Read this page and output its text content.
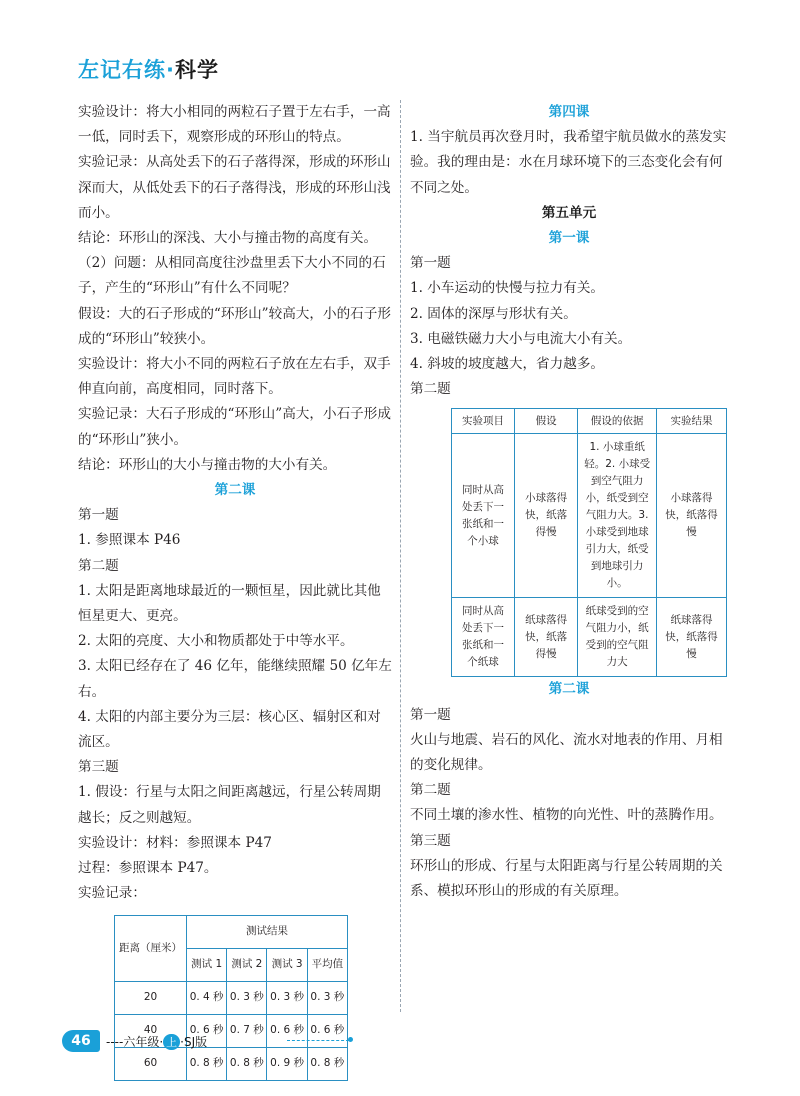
左记右练·科学

实验设计：将大小相同的两粒石子置于左右手，一高一低，同时丢下，观察形成的环形山的特点。

实验记录：从高处丢下的石子落得深，形成的环形山深而大，从低处丢下的石子落得浅，形成的环形山浅而小。

结论：环形山的深浅、大小与撞击物的高度有关。

（2）问题：从相同高度往沙盘里丢下大小不同的石子，产生的“环形山”有什么不同呢？

假设：大的石子形成的“环形山”较高大，小的石子形成的“环形山”较狭小。

实验设计：将大小不同的两粒石子放在左右手，双手伸直向前，高度相同，同时落下。

实验记录：大石子形成的“环形山”高大，小石子形成的“环形山”狭小。

结论：环形山的大小与撞击物的大小有关。

第二课

第一题

1. 参照课本 P46

第二题

1. 太阳是距离地球最近的一颗恒星，因此就比其他恒星更大、更亮。

2. 太阳的亮度、大小和物质都处于中等水平。

3. 太阳已经存在了 46 亿年，能继续照耀 50 亿年左右。

4. 太阳的内部主要分为三层：核心区、辐射区和对流区。

第三题

1. 假设：行星与太阳之间距离越远，行星公转周期越长；反之则越短。

实验设计：材料：参照课本 P47

过程：参照课本 P47。

实验记录：

距离（厘米）	测试结果			
	测试 1	测试 2	测试 3	平均值
20	0. 4 秒	0. 3 秒	0. 3 秒	0. 3 秒
40	0. 6 秒	0. 7 秒	0. 6 秒	0. 6 秒
60	0. 8 秒	0. 8 秒	0. 9 秒	0. 8 秒

第四课

1. 当宇航员再次登月时，我希望宇航员做水的蒸发实验。我的理由是：水在月球环境下的三态变化会有何不同之处。

第五单元

第一课

第一题

1. 小车运动的快慢与拉力有关。

2. 固体的深厚与形状有关。

3. 电磁铁磁力大小与电流大小有关。

4. 斜坡的坡度越大，省力越多。

第二题

实验项目	假设	假设的依据	实验结果
同时从高处丢下一张纸和一个小球	小球落得快，纸落得慢	1. 小球重纸轻。2. 小球受到空气阻力小，纸受到空气阻力大。3. 小球受到地球引力大，纸受到地球引力小。	小球落得快，纸落得慢
同时从高处丢下一张纸和一个纸球	纸球落得快，纸落得慢	纸球受到的空气阻力小，纸受到的空气阻力大	纸球落得快，纸落得慢

第二课

第一题

火山与地震、岩石的风化、流水对地表的作用、月相的变化规律。

第二题

不同土壤的渗水性、植物的向光性、叶的蒸腾作用。

第三题

环形山的形成、行星与太阳距离与行星公转周期的关系、模拟环形山的形成的有关原理。

46	----六年级· 上 ·SJ版
